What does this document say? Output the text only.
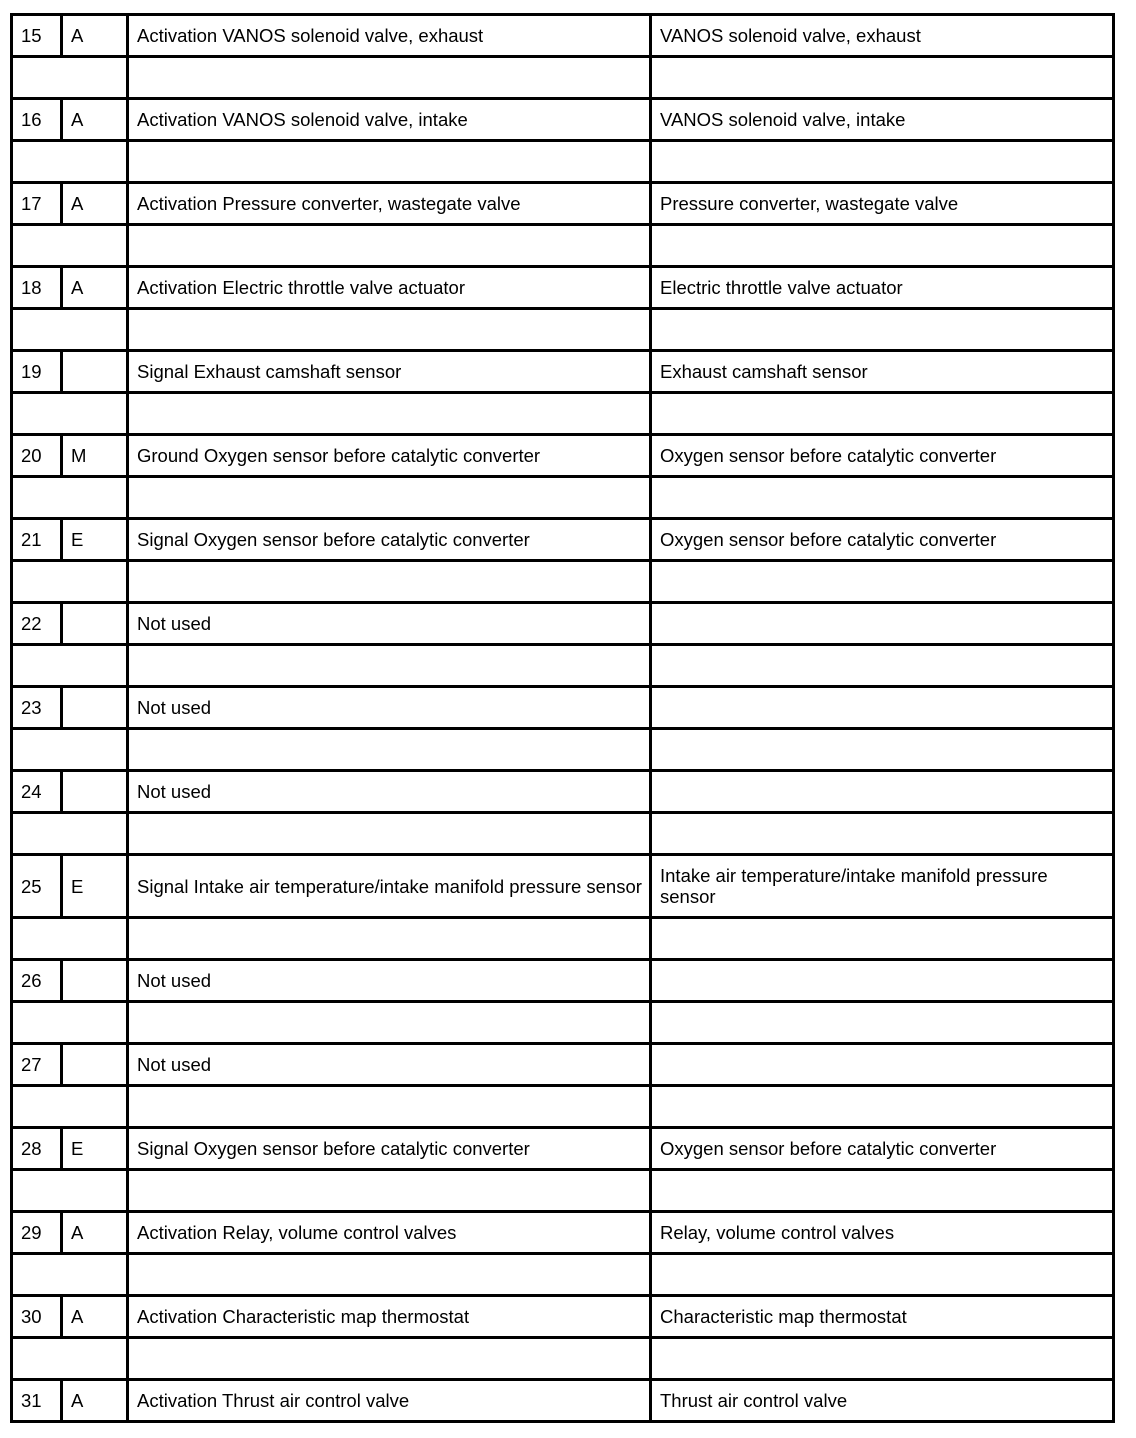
15	A	Activation VANOS solenoid valve, exhaust	VANOS solenoid valve, exhaust

16	A	Activation VANOS solenoid valve, intake	VANOS solenoid valve, intake

17	A	Activation Pressure converter, wastegate valve	Pressure converter, wastegate valve

18	A	Activation Electric throttle valve actuator	Electric throttle valve actuator

19		Signal Exhaust camshaft sensor	Exhaust camshaft sensor

20	M	Ground Oxygen sensor before catalytic converter	Oxygen sensor before catalytic converter

21	E	Signal Oxygen sensor before catalytic converter	Oxygen sensor before catalytic converter

22		Not used	

23		Not used	

24		Not used	

25	E	Signal Intake air temperature/intake manifold pressure sensor	Intake air temperature/intake manifold pressure sensor

26		Not used	

27		Not used	

28	E	Signal Oxygen sensor before catalytic converter	Oxygen sensor before catalytic converter

29	A	Activation Relay, volume control valves	Relay, volume control valves

30	A	Activation Characteristic map thermostat	Characteristic map thermostat

31	A	Activation Thrust air control valve	Thrust air control valve
